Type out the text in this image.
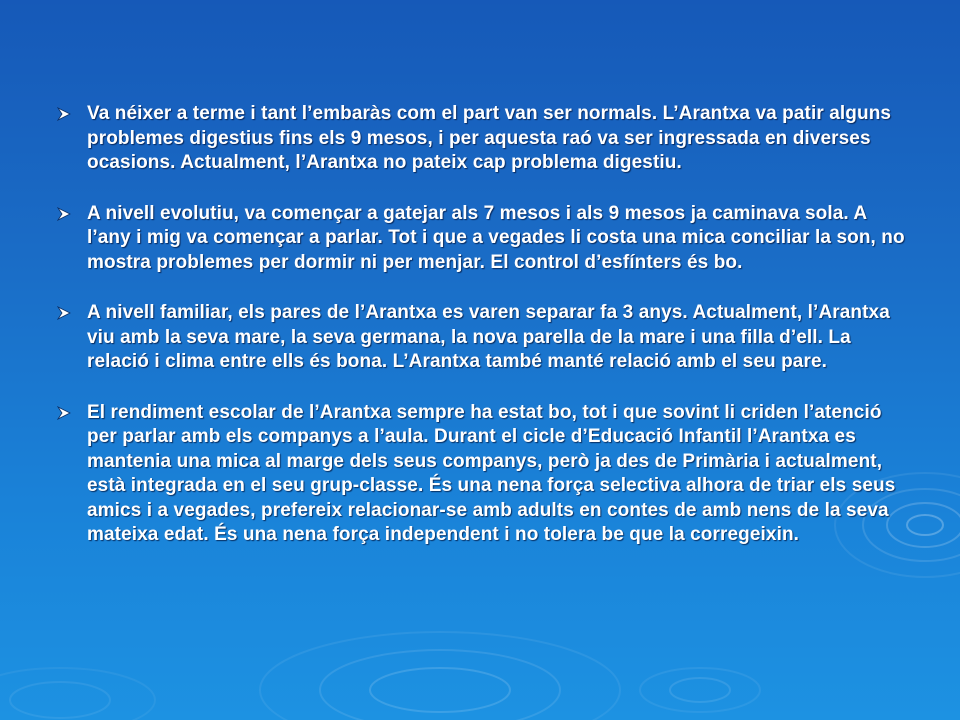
Va néixer a terme i tant l’embaràs com el part van ser normals. L’Arantxa va patir alguns problemes digestius fins els 9 mesos, i per aquesta raó va ser ingressada en diverses ocasions. Actualment, l’Arantxa no pateix cap problema digestiu.
A nivell evolutiu, va començar a gatejar als 7 mesos i als 9 mesos ja caminava sola. A l’any i mig va començar a parlar. Tot i que a vegades li costa una mica conciliar la son, no mostra problemes per dormir ni per menjar. El control d’esfínters és bo.
A nivell familiar, els pares de l’Arantxa es varen separar fa 3 anys. Actualment, l’Arantxa viu amb la seva mare, la seva germana, la nova parella de la mare i una filla d’ell. La relació i clima entre ells és bona. L’Arantxa també manté relació amb el seu pare.
El rendiment escolar de l’Arantxa sempre ha estat bo, tot i que sovint li criden l’atenció per parlar amb els companys a l’aula. Durant el cicle d’Educació Infantil l’Arantxa es mantenia una mica al marge dels seus companys, però ja des de Primària i actualment, està integrada en el seu grup-classe. És una nena força selectiva alhora de triar els seus amics i a vegades, prefereix relacionar-se amb adults en contes de amb nens de la seva mateixa edat. És una nena força independent i no tolera be que la corregeixin.
